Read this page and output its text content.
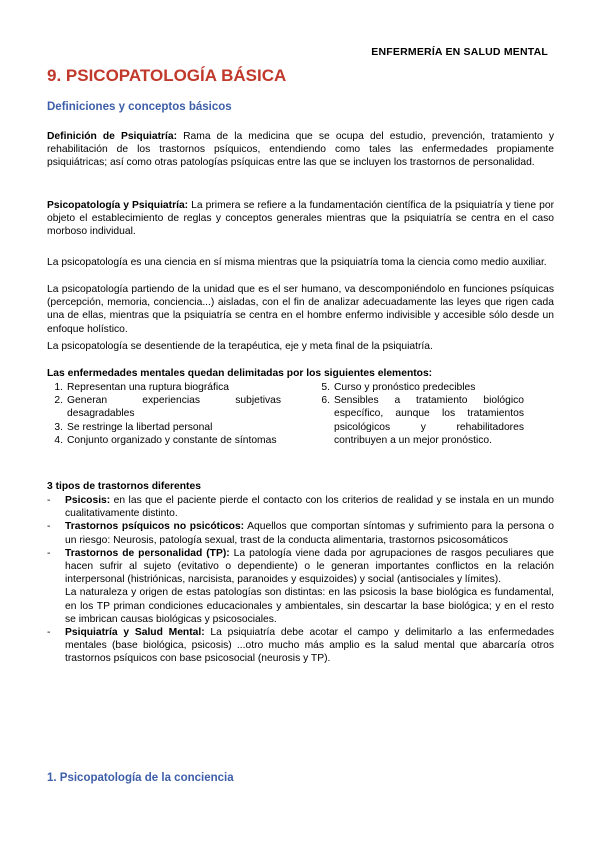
ENFERMERÍA EN SALUD MENTAL
9. PSICOPATOLOGÍA BÁSICA
Definiciones y conceptos básicos
Definición de Psiquiatría: Rama de la medicina que se ocupa del estudio, prevención, tratamiento y rehabilitación de los trastornos psíquicos, entendiendo como tales las enfermedades propiamente psiquiátricas; así como otras patologías psíquicas entre las que se incluyen los trastornos de personalidad.
Psicopatología y Psiquiatría: La primera se refiere a la fundamentación científica de la psiquiatría y tiene por objeto el establecimiento de reglas y conceptos generales mientras que la psiquiatría se centra en el caso morboso individual.
La psicopatología es una ciencia en sí misma mientras que la psiquiatría toma la ciencia como medio auxiliar.
La psicopatología partiendo de la unidad que es el ser humano, va descomponiéndolo en funciones psíquicas (percepción, memoria, conciencia...) aisladas, con el fin de analizar adecuadamente las leyes que rigen cada una de ellas, mientras que la psiquiatría se centra en el hombre enfermo indivisible y accesible sólo desde un enfoque holístico.
La psicopatología se desentiende de la terapéutica, eje y meta final de la psiquiatría.
Las enfermedades mentales quedan delimitadas por los siguientes elementos:
1. Representan una ruptura biográfica
2. Generan experiencias subjetivas desagradables
3. Se restringe la libertad personal
4. Conjunto organizado y constante de síntomas
5. Curso y pronóstico predecibles
6. Sensibles a tratamiento biológico específico, aunque los tratamientos psicológicos y rehabilitadores contribuyen a un mejor pronóstico.
3 tipos de trastornos diferentes
- Psicosis: en las que el paciente pierde el contacto con los criterios de realidad y se instala en un mundo cualitativamente distinto.
- Trastornos psíquicos no psicóticos: Aquellos que comportan síntomas y sufrimiento para la persona o un riesgo: Neurosis, patología sexual, trast de la conducta alimentaria, trastornos psicosomáticos
- Trastornos de personalidad (TP): La patología viene dada por agrupaciones de rasgos peculiares que hacen sufrir al sujeto (evitativo o dependiente) o le generan importantes conflictos en la relación interpersonal (histriónicas, narcisista, paranoides y esquizoides) y social (antisociales y límites).
La naturaleza y origen de estas patologías son distintas: en las psicosis la base biológica es fundamental, en los TP priman condiciones educacionales y ambientales, sin descartar la base biológica; y en el resto se imbrican causas biológicas y psicosociales.
- Psiquiatría y Salud Mental: La psiquiatría debe acotar el campo y delimitarlo a las enfermedades mentales (base biológica, psicosis) ...otro mucho más amplio es la salud mental que abarcaría otros trastornos psíquicos con base psicosocial (neurosis y TP).
1. Psicopatología de la conciencia
